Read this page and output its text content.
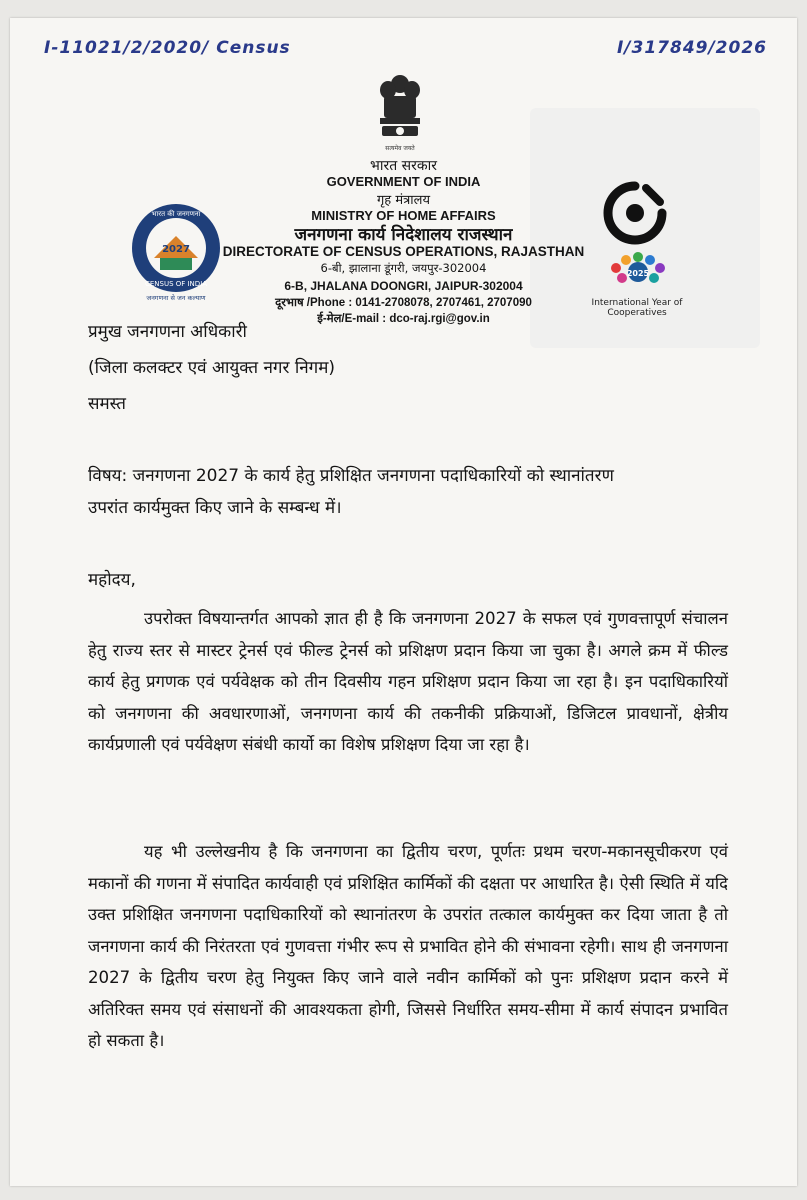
I-11021/2/2020/ Census	I/317849/2026
सत्यमेव जयते
भारत सरकार
GOVERNMENT OF INDIA
गृह मंत्रालय
MINISTRY OF HOME AFFAIRS
जनगणना कार्य निदेशालय राजस्थान
DIRECTORATE OF CENSUS OPERATIONS, RAJASTHAN
6-बी, झालाना डूंगरी, जयपुर-302004
6-B, JHALANA DOONGRI, JAIPUR-302004
दूरभाष /Phone : 0141-2708078, 2707461, 2707090
ई-मेल/E-mail : dco-raj.rgi@gov.in
2027
भारत की जनगणना
CENSUS OF INDIA
जनगणना से जन कल्याण
2025
International Year of Cooperatives
प्रमुख जनगणना अधिकारी
(जिला कलक्टर एवं आयुक्त नगर निगम)
समस्त
विषय: जनगणना 2027 के कार्य हेतु प्रशिक्षित जनगणना पदाधिकारियों को स्थानांतरण
उपरांत कार्यमुक्त किए जाने के सम्बन्ध में।
महोदय,
उपरोक्त विषयान्तर्गत आपको ज्ञात ही है कि जनगणना 2027 के सफल एवं गुणवत्तापूर्ण संचालन हेतु राज्य स्तर से मास्टर ट्रेनर्स एवं फील्ड ट्रेनर्स को प्रशिक्षण प्रदान किया जा चुका है। अगले क्रम में फील्ड कार्य हेतु प्रगणक एवं पर्यवेक्षक को तीन दिवसीय गहन प्रशिक्षण प्रदान किया जा रहा है। इन पदाधिकारियों को जनगणना की अवधारणाओं, जनगणना कार्य की तकनीकी प्रक्रियाओं, डिजिटल प्रावधानों, क्षेत्रीय कार्यप्रणाली एवं पर्यवेक्षण संबंधी कार्यो का विशेष प्रशिक्षण दिया जा रहा है।
यह भी उल्लेखनीय है कि जनगणना का द्वितीय चरण, पूर्णतः प्रथम चरण-मकानसूचीकरण एवं मकानों की गणना में संपादित कार्यवाही एवं प्रशिक्षित कार्मिकों की दक्षता पर आधारित है। ऐसी स्थिति में यदि उक्त प्रशिक्षित जनगणना पदाधिकारियों को स्थानांतरण के उपरांत तत्काल कार्यमुक्त कर दिया जाता है तो जनगणना कार्य की निरंतरता एवं गुणवत्ता गंभीर रूप से प्रभावित होने की संभावना रहेगी। साथ ही जनगणना 2027 के द्वितीय चरण हेतु नियुक्त किए जाने वाले नवीन कार्मिकों को पुनः प्रशिक्षण प्रदान करने में अतिरिक्त समय एवं संसाधनों की आवश्यकता होगी, जिससे निर्धारित समय-सीमा में कार्य संपादन प्रभावित हो सकता है।
